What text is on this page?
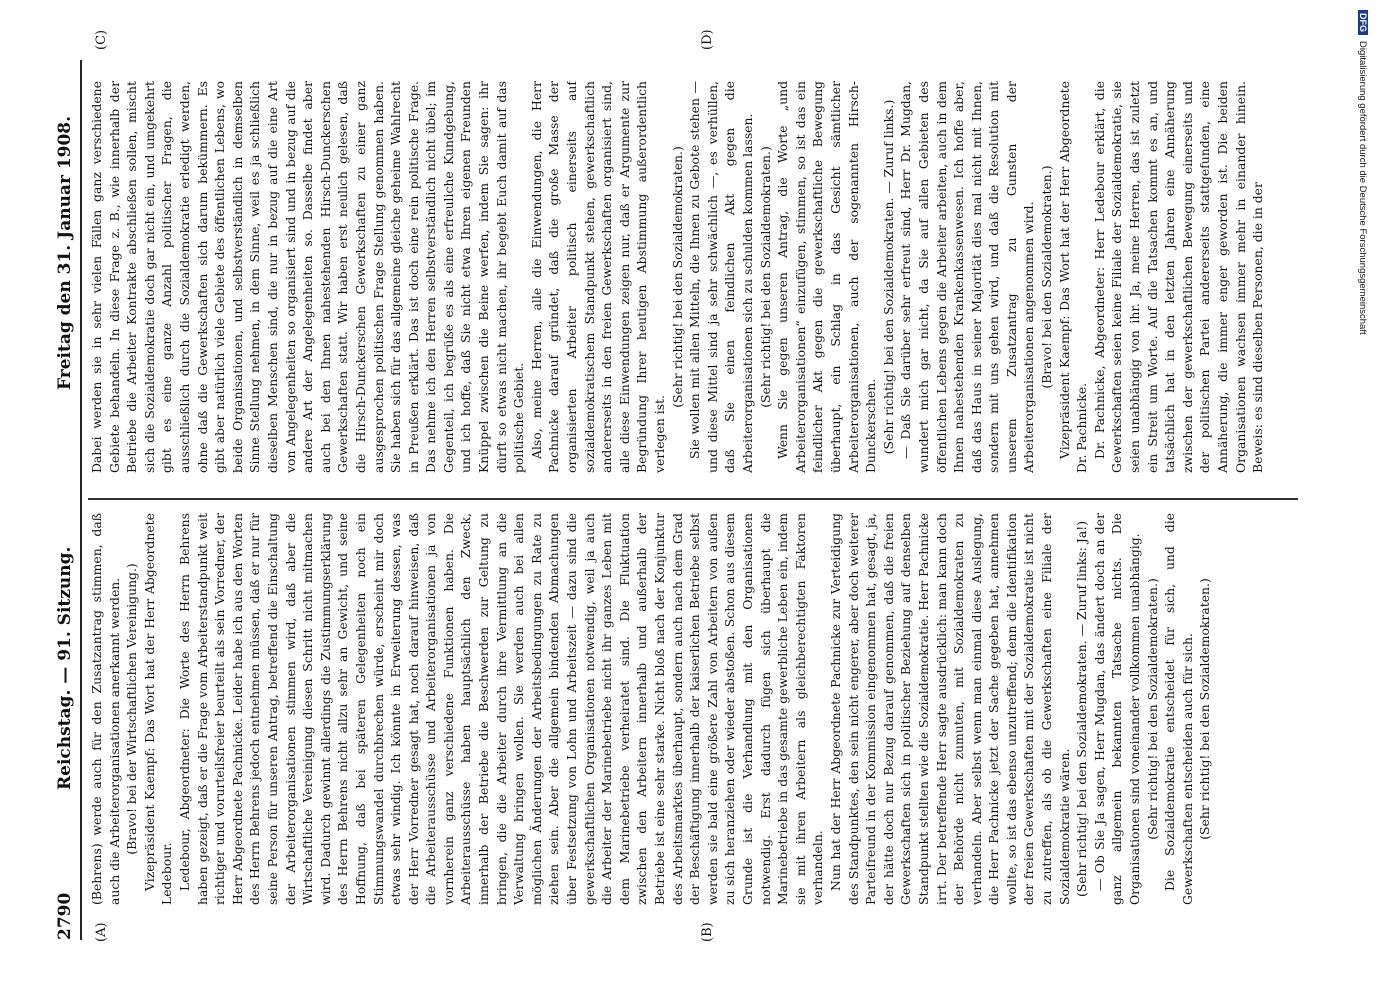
2790
Reichstag. — 91. Sitzung.
Freitag den 31. Januar 1908.
(A)	(B)
(C)	(D)

(Behrens) werde auch für den Zusatzantrag stimmen, daß auch die Arbeiterorganisationen anerkannt werden. (Bravo! bei der Wirtschaftlichen Vereinigung.) Vizepräsident Kaempf: Das Wort hat der Herr Abgeordnete Ledebour. Ledebour, Abgeordneter: Die Worte des Herrn Behrens haben gezeigt, daß er die Frage vom Arbeiterstandpunkt weit richtiger und vorurteilsfreier beurteilt als sein Vorredner, der Herr Abgeordnete Pachnicke. Leider habe ich aus den Worten des Herrn Behrens jedoch entnehmen müssen, daß er nur für seine Person für unseren Antrag, betreffend die Einschaltung der Arbeiterorganisationen stimmen wird, daß aber die Wirtschaftliche Vereinigung diesen Schritt nicht mitmachen wird. Dadurch gewinnt allerdings die Zustimmungserklärung des Herrn Behrens nicht allzu sehr an Gewicht, und seine Hoffnung, daß bei späteren Gelegenheiten noch ein Stimmungswandel durchbrechen würde, erscheint mir doch etwas sehr windig. Ich könnte in Erweiterung dessen, was der Herr Vorredner gesagt hat, noch darauf hinweisen, daß die Arbeiterausschüsse und Arbeiterorganisationen ja von vornherein ganz verschiedene Funktionen haben. Die Arbeiterausschüsse haben hauptsächlich den Zweck, innerhalb der Betriebe die Beschwerden zur Geltung zu bringen, die die Arbeiter durch ihre Vermittlung an die Verwaltung bringen wollen. Sie werden auch bei allen möglichen Änderungen der Arbeitsbedingungen zu Rate zu ziehen sein. Aber die allgemein bindenden Abmachungen über Festsetzung von Lohn und Arbeitszeit — dazu sind die gewerkschaftlichen Organisationen notwendig, weil ja auch die Arbeiter der Marinebetriebe nicht ihr ganzes Leben mit dem Marinebetriebe verheiratet sind. Die Fluktuation zwischen den Arbeitern innerhalb und außerhalb der Betriebe ist eine sehr starke. Nicht bloß nach der Konjunktur des Arbeitsmarktes überhaupt, sondern auch nach dem Grad der Beschäftigung innerhalb der kaiserlichen Betriebe selbst werden sie bald eine größere Zahl von Arbeitern von außen zu sich heranziehen oder wieder abstoßen. Schon aus diesem Grunde ist die Verhandlung mit den Organisationen notwendig. Erst dadurch fügen sich überhaupt die Marinebetriebe in das gesamte gewerbliche Leben ein, indem sie mit ihren Arbeitern als gleichberechtigten Faktoren verhandeln. Nun hat der Herr Abgeordnete Pachnicke zur Verteidigung des Standpunktes, den sein nicht engerer, aber doch weiterer Parteifreund in der Kommission eingenommen hat, gesagt, ja, der hätte doch nur Bezug darauf genommen, daß die freien Gewerkschaften sich in politischer Beziehung auf denselben Standpunkt stellten wie die Sozialdemokratie. Herr Pachnicke irrt. Der betreffende Herr sagte ausdrücklich: man kann doch der Behörde nicht zumuten, mit Sozialdemokraten zu verhandeln. Aber selbst wenn man einmal diese Auslegung, die Herr Pachnicke jetzt der Sache gegeben hat, annehmen wollte, so ist das ebenso unzutreffend; denn die Identifikation der freien Gewerkschaften mit der Sozialdemokratie ist nicht zu zutreffen, als ob die Gewerkschaften eine Filiale der Sozialdemokratie wären. (Sehr richtig! bei den Sozialdemokraten. — Zuruf links: Ja!) — Ob Sie Ja sagen, Herr Mugdan, das ändert doch an der ganz allgemein bekannten Tatsache nichts. Die Organisationen sind voneinander vollkommen unabhängig. (Sehr richtig! bei den Sozialdemokraten.) Die Sozialdemokratie entscheidet für sich, und die Gewerkschaften entscheiden auch für sich. (Sehr richtig! bei den Sozialdemokraten.)

Dabei werden sie in sehr vielen Fällen ganz verschiedene Gebiete behandeln. In diese Frage z. B., wie innerhalb der Betriebe die Arbeiter Kontrakte abschließen sollen, mischt sich die Sozialdemokratie doch gar nicht ein, und umgekehrt gibt es eine ganze Anzahl politischer Fragen, die ausschließlich durch die Sozialdemokratie erledigt werden, ohne daß die Gewerkschaften sich darum bekümmern. Es gibt aber natürlich viele Gebiete des öffentlichen Lebens, wo beide Organisationen, und selbstverständlich in demselben Sinne Stellung nehmen, in dem Sinne, weil es ja schließlich dieselben Menschen sind, die nur in bezug auf die eine Art von Angelegenheiten so organisiert sind und in bezug auf die andere Art der Angelegenheiten so. Dasselbe findet aber auch bei den Ihnen nahestehenden Hirsch-Dunckerschen Gewerkschaften statt. Wir haben erst neulich gelesen, daß die Hirsch-Dunckerschen Gewerkschaften zu einer ganz ausgesprochen politischen Frage Stellung genommen haben. Sie haben sich für das allgemeine gleiche geheime Wahlrecht in Preußen erklärt. Das ist doch eine rein politische Frage. Das nehme ich den Herren selbstverständlich nicht übel; im Gegenteil, ich begrüße es als eine erfreuliche Kundgebung, und ich hoffe, daß Sie nicht etwa Ihren eigenen Freunden Knüppel zwischen die Beine werfen, indem Sie sagen: ihr dürft so etwas nicht machen, ihr begebt Euch damit auf das politische Gebiet. Also, meine Herren, alle die Einwendungen, die Herr Pachnicke darauf gründet, daß die große Masse der organisierten Arbeiter politisch einerseits auf sozialdemokratischem Standpunkt stehen, gewerkschaftlich andererseits in den freien Gewerkschaften organisiert sind, alle diese Einwendungen zeigen nur, daß er Argumente zur Begründung Ihrer heutigen Abstimmung außerordentlich verlegen ist.

(Sehr richtig! bei den Sozialdemokraten.) Sie wollen mit allen Mitteln, die Ihnen zu Gebote stehen — und diese Mittel sind ja sehr schwächlich —, es verhüllen, daß Sie einen feindlichen Akt gegen die Arbeiterorganisationen sich zu schulden kommen lassen. (Sehr richtig! bei den Sozialdemokraten.) Wenn Sie gegen unseren Antrag, die Worte „und Arbeiterorganisationen“ einzufügen, stimmen, so ist das ein feindlicher Akt gegen die gewerkschaftliche Bewegung überhaupt, ein Schlag in das Gesicht sämtlicher Arbeiterorganisationen, auch der sogenannten Hirsch-Dunckerschen. (Sehr richtig! bei den Sozialdemokraten. — Zuruf links.) — Daß Sie darüber sehr erfreut sind, Herr Dr. Mugdan, wundert mich gar nicht, da Sie auf allen Gebieten des öffentlichen Lebens gegen die Arbeiter arbeiten, auch in dem Ihnen nahestehenden Krankenkassenwesen. Ich hoffe aber, daß das Haus in seiner Majorität dies mal nicht mit Ihnen, sondern mit uns gehen wird, und daß die Resolution mit unserem Zusatzantrag zu Gunsten der Arbeiterorganisationen angenommen wird. (Bravo! bei den Sozialdemokraten.) Vizepräsident Kaempf: Das Wort hat der Herr Abgeordnete Dr. Pachnicke. Dr. Pachnicke, Abgeordneter: Herr Ledebour erklärt, die Gewerkschaften seien keine Filiale der Sozialdemokratie, sie seien unabhängig von ihr. Ja, meine Herren, das ist zuletzt ein Streit um Worte. Auf die Tatsachen kommt es an, und tatsächlich hat in den letzten Jahren eine Annäherung zwischen der gewerkschaftlichen Bewegung einerseits und der politischen Partei andererseits stattgefunden, eine Annäherung, die immer enger geworden ist. Die beiden Organisationen wachsen immer mehr in einander hinein. Beweis: es sind dieselben Personen, die in der

DFGDigitalisierung gefördert durch die Deutsche Forschungsgemeinschaft
